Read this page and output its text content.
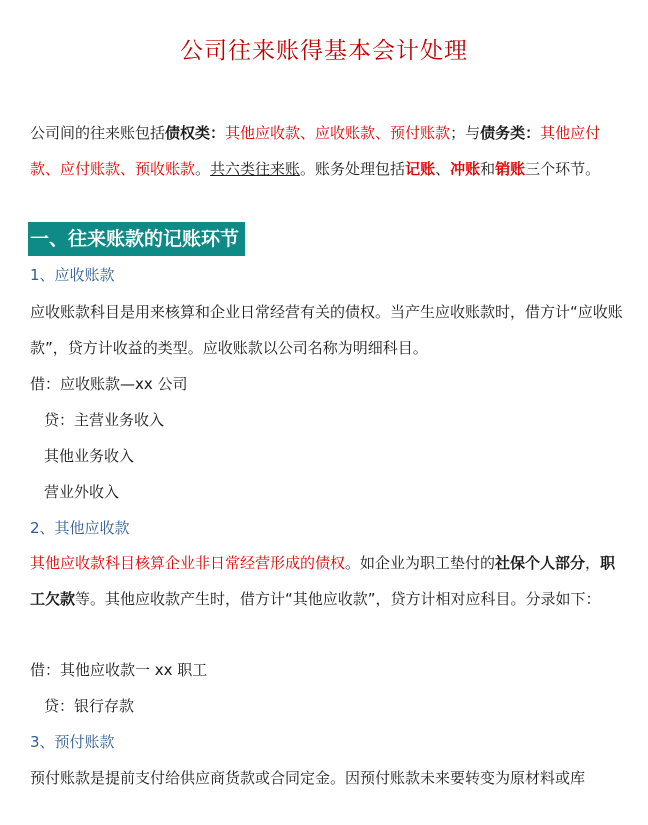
公司往来账得基本会计处理
公司间的往来账包括债权类：其他应收款、应收账款、预付账款；与债务类：其他应付款、应付账款、预收账款。共六类往来账。账务处理包括记账、冲账和销账三个环节。
一、往来账款的记账环节
1、应收账款
应收账款科目是用来核算和企业日常经营有关的债权。当产生应收账款时，借方计“应收账款”，贷方计收益的类型。应收账款以公司名称为明细科目。
借：应收账款—xx 公司
贷：主营业务收入
其他业务收入
营业外收入
2、其他应收款
其他应收款科目核算企业非日常经营形成的债权。如企业为职工垫付的社保个人部分，职工欠款等。其他应收款产生时，借方计“其他应收款”，贷方计相对应科目。分录如下：
借：其他应收款一 xx 职工
贷：银行存款
3、预付账款
预付账款是提前支付给供应商货款或合同定金。因预付账款未来要转变为原材料或库
